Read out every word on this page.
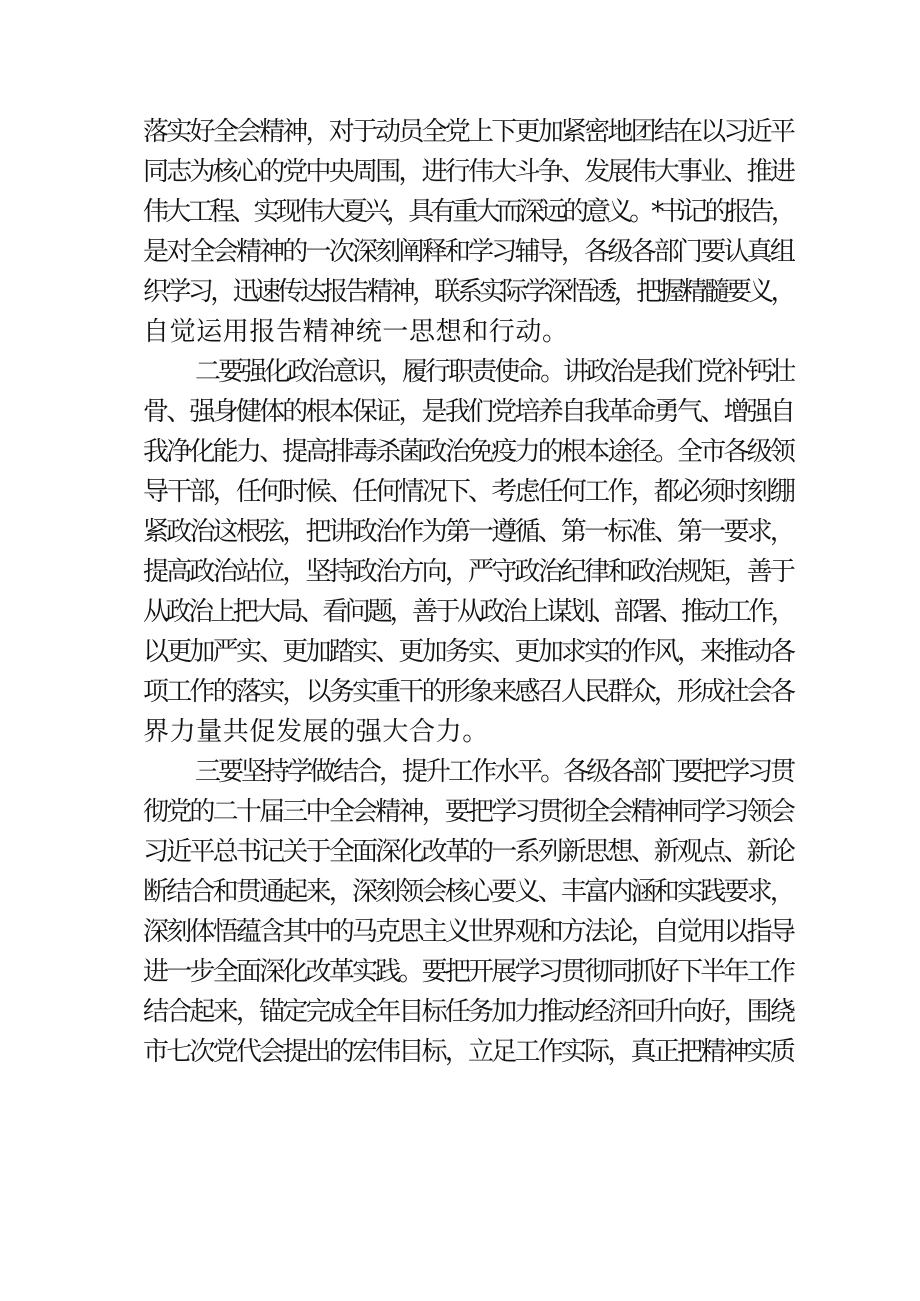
落实好全会精神，对于动员全党上下更加紧密地团结在以习近平
同志为核心的党中央周围，进行伟大斗争、发展伟大事业、推进
伟大工程、实现伟大夏兴，具有重大而深远的意义。*书记的报告，
是对全会精神的一次深刻阐释和学习辅导，各级各部门要认真组
织学习，迅速传达报告精神，联系实际学深悟透，把握精髓要义，
自觉运用报告精神统一思想和行动。
二要强化政治意识，履行职责使命。讲政治是我们党补钙壮
骨、强身健体的根本保证，是我们党培养自我革命勇气、增强自
我净化能力、提高排毒杀菌政治免疫力的根本途径。全市各级领
导干部，任何时候、任何情况下、考虑任何工作，都必须时刻绷
紧政治这根弦，把讲政治作为第一遵循、第一标准、第一要求，
提高政治站位，坚持政治方向，严守政治纪律和政治规矩，善于
从政治上把大局、看问题，善于从政治上谋划、部署、推动工作，
以更加严实、更加踏实、更加务实、更加求实的作风，来推动各
项工作的落实，以务实重干的形象来感召人民群众，形成社会各
界力量共促发展的强大合力。
三要坚持学做结合，提升工作水平。各级各部门要把学习贯
彻党的二十届三中全会精神，要把学习贯彻全会精神同学习领会
习近平总书记关于全面深化改革的一系列新思想、新观点、新论
断结合和贯通起来，深刻领会核心要义、丰富内涵和实践要求，
深刻体悟蕴含其中的马克思主义世界观和方法论，自觉用以指导
进一步全面深化改革实践。要把开展学习贯彻同抓好下半年工作
结合起来，锚定完成全年目标任务加力推动经济回升向好，围绕
市七次党代会提出的宏伟目标，立足工作实际，真正把精神实质
